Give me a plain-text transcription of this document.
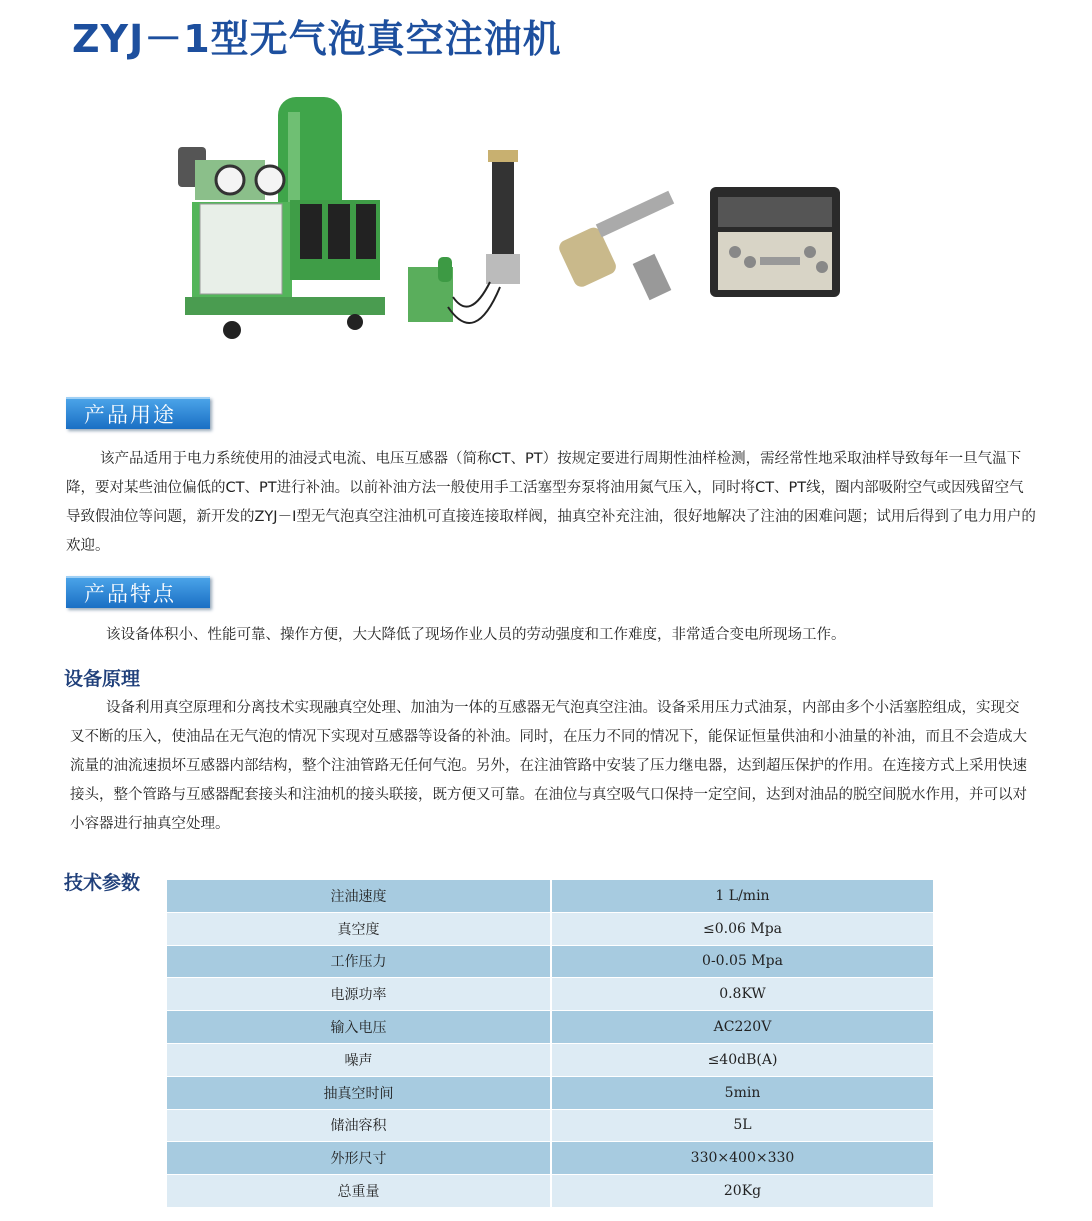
ZYJ－1型无气泡真空注油机
产品用途

该产品适用于电力系统使用的油浸式电流、电压互感器（简称CT、PT）按规定要进行周期性油样检测，需经常性地采取油样导致每年一旦气温下降，要对某些油位偏低的CT、PT进行补油。以前补油方法一般使用手工活塞型夯泵将油用氮气压入，同时将CT、PT线，圈内部吸附空气或因残留空气导致假油位等问题，新开发的ZYJ－I型无气泡真空注油机可直接连接取样阀，抽真空补充注油，很好地解决了注油的困难问题；试用后得到了电力用户的欢迎。

产品特点

该设备体积小、性能可靠、操作方便，大大降低了现场作业人员的劳动强度和工作难度，非常适合变电所现场工作。

设备原理

设备利用真空原理和分离技术实现融真空处理、加油为一体的互感器无气泡真空注油。设备采用压力式油泵，内部由多个小活塞腔组成，实现交叉不断的压入，使油品在无气泡的情况下实现对互感器等设备的补油。同时，在压力不同的情况下，能保证恒量供油和小油量的补油，而且不会造成大流量的油流速损坏互感器内部结构，整个注油管路无任何气泡。另外，在注油管路中安装了压力继电器，达到超压保护的作用。在连接方式上采用快速接头，整个管路与互感器配套接头和注油机的接头联接，既方便又可靠。在油位与真空吸气口保持一定空间，达到对油品的脱空间脱水作用，并可以对小容器进行抽真空处理。

技术参数
注油速度	1 L/min
真空度	≤0.06 Mpa
工作压力	0-0.05 Mpa
电源功率	0.8KW
输入电压	AC220V
噪声	≤40dB(A)
抽真空时间	5min
储油容积	5L
外形尺寸	330×400×330
总重量	20Kg
